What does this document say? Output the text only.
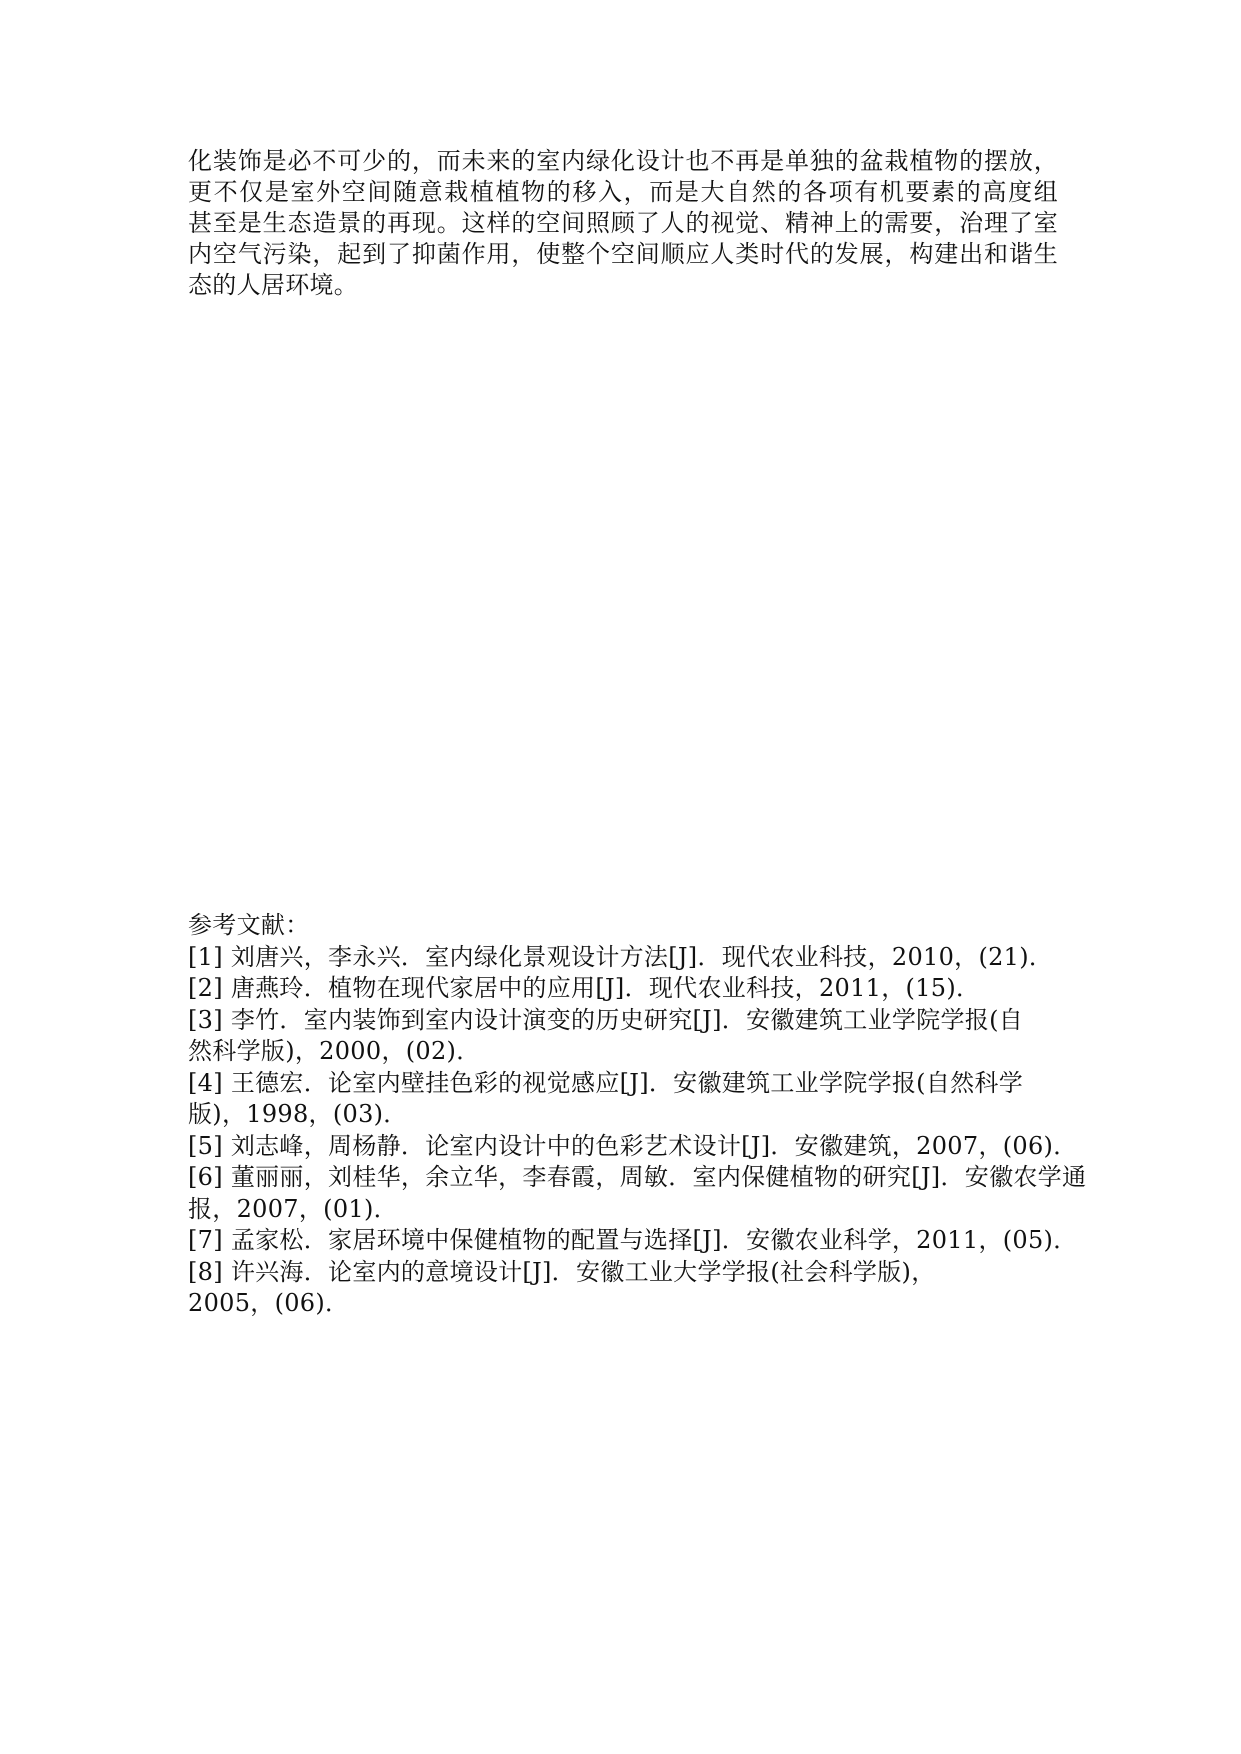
化装饰是必不可少的，而未来的室内绿化设计也不再是单独的盆栽植物的摆放，
更不仅是室外空间随意栽植植物的移入，而是大自然的各项有机要素的高度组
甚至是生态造景的再现。这样的空间照顾了人的视觉、精神上的需要，治理了室
内空气污染，起到了抑菌作用，使整个空间顺应人类时代的发展，构建出和谐生
态的人居环境。
参考文献：
[1] 刘唐兴，李永兴．室内绿化景观设计方法[J]．现代农业科技，2010，(21)．
[2] 唐燕玲．植物在现代家居中的应用[J]．现代农业科技，2011，(15)．
[3] 李竹．室内装饰到室内设计演变的历史研究[J]．安徽建筑工业学院学报(自
然科学版)，2000，(02)．
[4] 王德宏．论室内壁挂色彩的视觉感应[J]．安徽建筑工业学院学报(自然科学
版)，1998，(03)．
[5] 刘志峰，周杨静．论室内设计中的色彩艺术设计[J]．安徽建筑，2007，(06)．
[6] 董丽丽，刘桂华，余立华，李春霞，周敏．室内保健植物的研究[J]．安徽农学通
报，2007，(01)．
[7] 孟家松．家居环境中保健植物的配置与选择[J]．安徽农业科学，2011，(05)．
[8] 许兴海．论室内的意境设计[J]．安徽工业大学学报(社会科学版)，
2005，(06)．
